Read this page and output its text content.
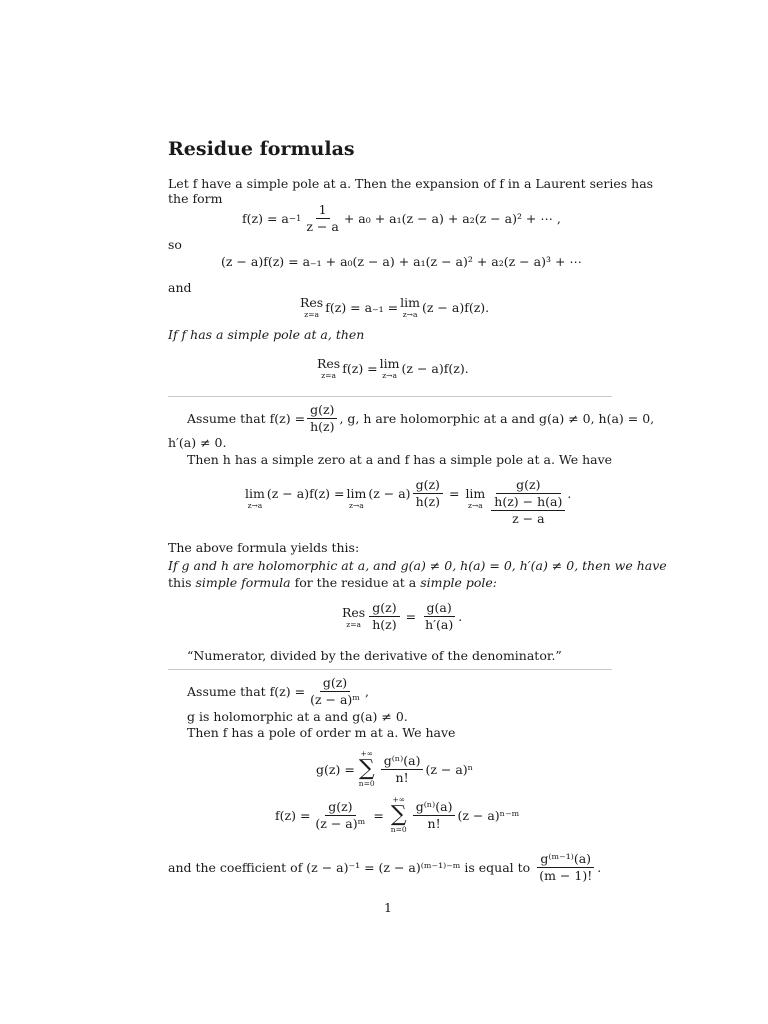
Residue formulas
Let f have a simple pole at a. Then the expansion of f in a Laurent series has
the form
$f(z) = a -1 \frac{1}{z - a} + a_0 + a_1(z - a) + a_2(z - a)^2$ + ⋯ ,
so
(z − a)f(z) = a₋₁ + a₀(z − a) + a₁(z − a)² + a₂(z − a)³ + ⋯
and
Res
z=a f(z) = a₋₁ = lim
z→a (z − a)f(z).
If f has a simple pole at a, then
Res
z=a f(z) = lim
z→a (z − a)f(z).
Assume that $f(z) = \frac{g(z)}{h(z)}$ , g, h are holomorphic at a and g(a) ≠ 0, h(a) = 0,
h′(a) ≠ 0.
Then h has a simple zero at a and f has a simple pole at a. We have
lim
z→a
(z − a)f(z) = lim
z→a
$(z - a) \frac{g(z)}{h(z)} = \lim$
$z\to a \frac{g(z)}{\frac{h(z) - h(a)}{z - a}}$ .
The above formula yields this:
If g and h are holomorphic at a, and g(a) ≠ 0, h(a) = 0, h′(a) ≠ 0, then we have
this simple formula for the residue at a simple pole:
Res
$z=a \frac{g(z)}{h(z)} = \frac{g(a)}{h'(a)}$ .
“Numerator, divided by the derivative of the denominator.”
Assume that $f(z) = \frac{g(z)}{\text{(z − a)ᵐ}}$ ,
g is holomorphic at a and g(a) ≠ 0.
Then f has a pole of order m at a. We have
g(z) =
+∞
∑
$n=0 \frac{\text{g⁽ⁿ⁾(a)}}{n!} (z - a)^n$
$f(z) = \frac{g(z)}{\text{(z − a)ᵐ}}$ =
+∞
∑
$n=0 \frac{\text{g⁽ⁿ⁾(a)}}{n!} (z$ − a)ⁿ⁻ᵐ
and the coefficient of (z − a)⁻¹ = (z − a)⁽ᵐ⁻¹⁾⁻ᵐ is equal to $\frac{\text{g⁽ᵐ⁻¹⁾(a)}}{(m - 1)!}$ .
1
